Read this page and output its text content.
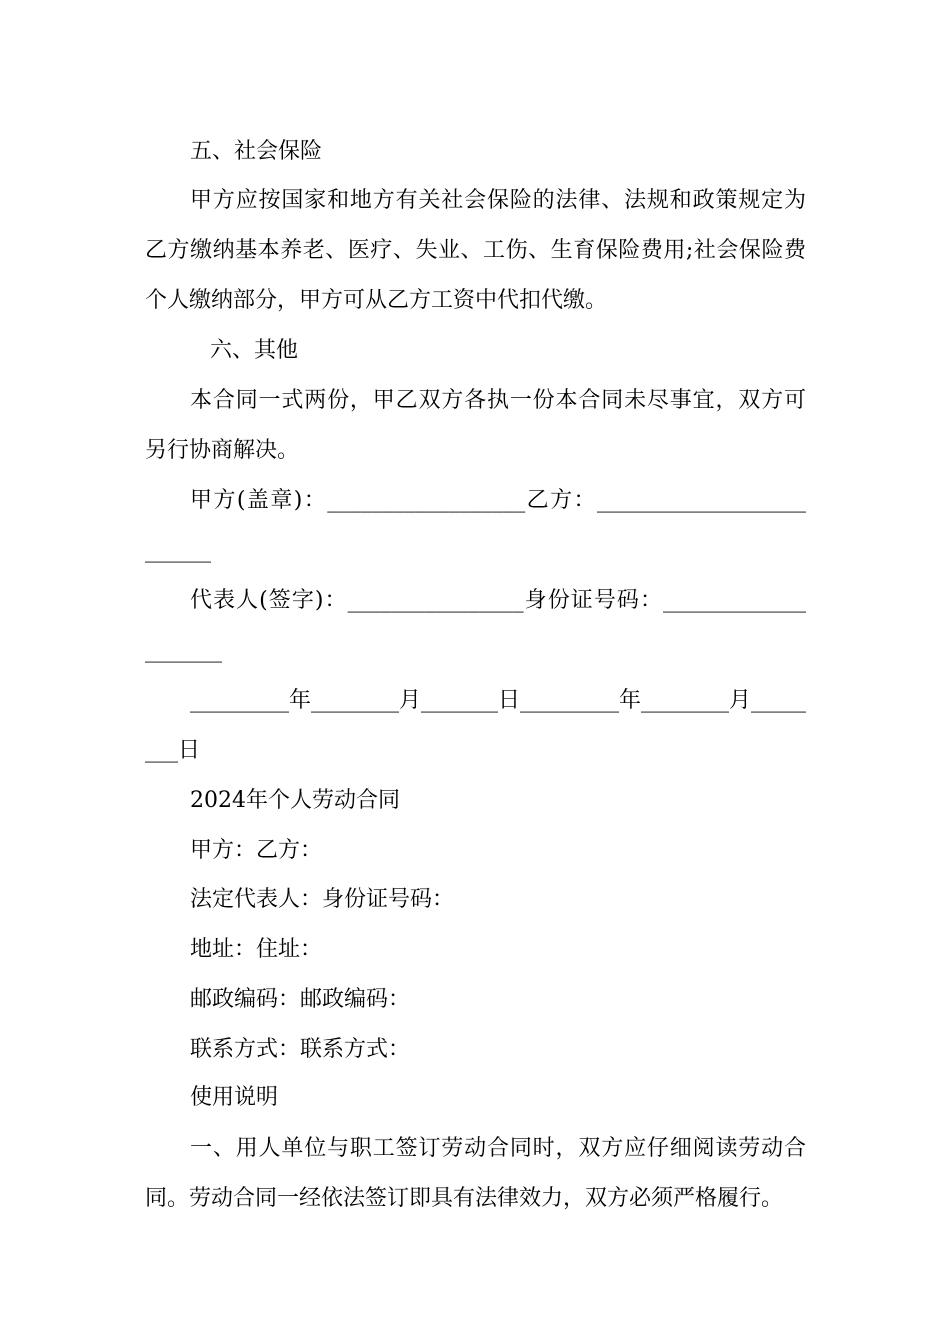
五、社会保险
甲方应按国家和地方有关社会保险的法律、法规和政策规定为
乙方缴纳基本养老、医疗、失业、工伤、生育保险费用;社会保险费
个人缴纳部分，甲方可从乙方工资中代扣代缴。
六、其他
本合同一式两份，甲乙双方各执一份本合同未尽事宜，双方可
另行协商解决。
甲方(盖章)：__________________乙方：___________________
______
代表人(签字)：________________身份证号码：_____________
_______
_________年________月_______日_________年________月_____
___日
2024年个人劳动合同
甲方：乙方：
法定代表人：身份证号码：
地址：住址：
邮政编码：邮政编码：
联系方式：联系方式：
使用说明
一、用人单位与职工签订劳动合同时，双方应仔细阅读劳动合
同。劳动合同一经依法签订即具有法律效力，双方必须严格履行。
